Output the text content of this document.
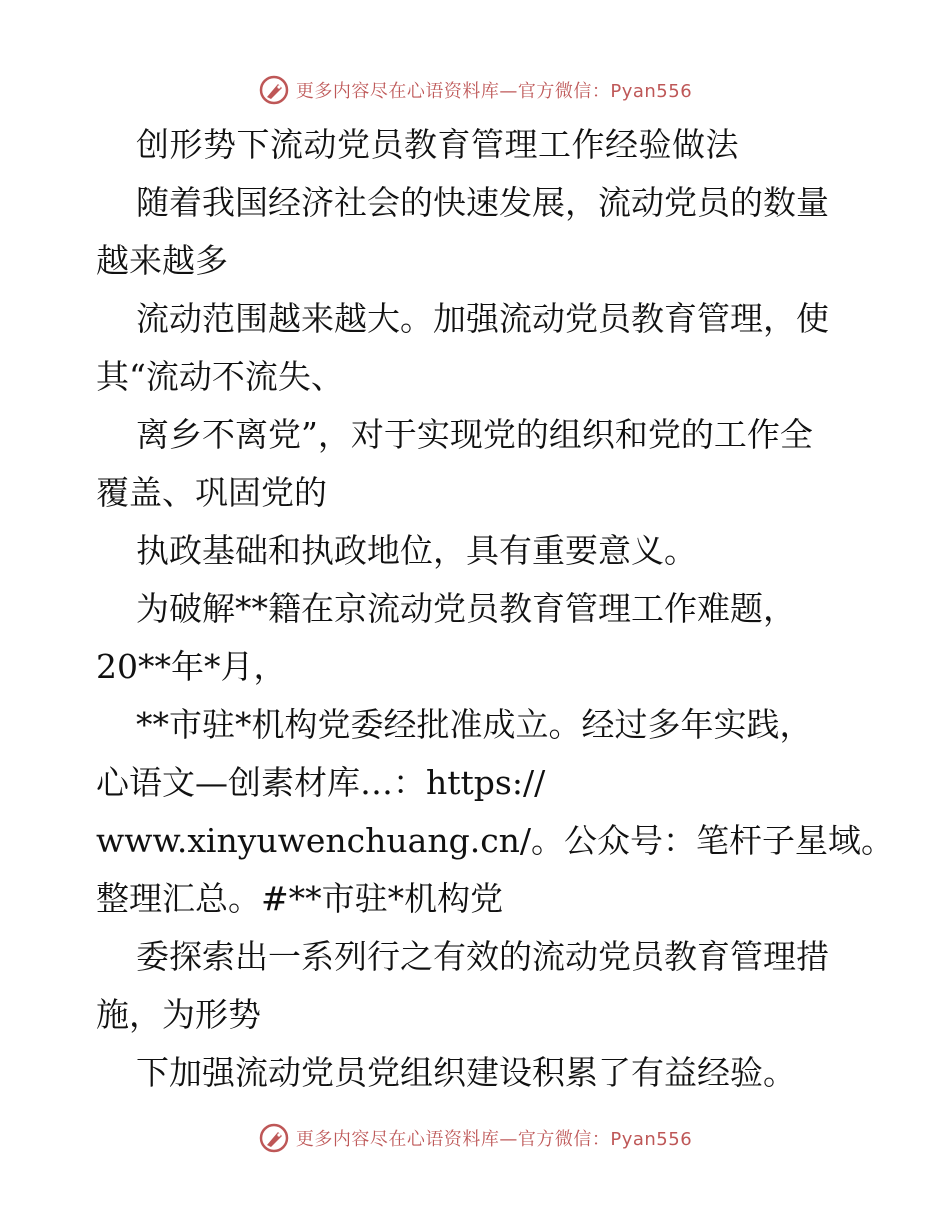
更多内容尽在心语资料库—官方微信：Pyan556
创形势下流动党员教育管理工作经验做法
随着我国经济社会的快速发展，流动党员的数量
越来越多
流动范围越来越大。加强流动党员教育管理，使
其“流动不流失、
离乡不离党”，对于实现党的组织和党的工作全
覆盖、巩固党的
执政基础和执政地位，具有重要意义。
为破解**籍在京流动党员教育管理工作难题，
20**年*月，
**市驻*机构党委经批准成立。经过多年实践，
心语文—创素材库…：https://
www.xinyuwenchuang.cn/。公众号：笔杆子星域。
整理汇总。#**市驻*机构党
委探索出一系列行之有效的流动党员教育管理措
施，为形势
下加强流动党员党组织建设积累了有益经验。
更多内容尽在心语资料库—官方微信：Pyan556
